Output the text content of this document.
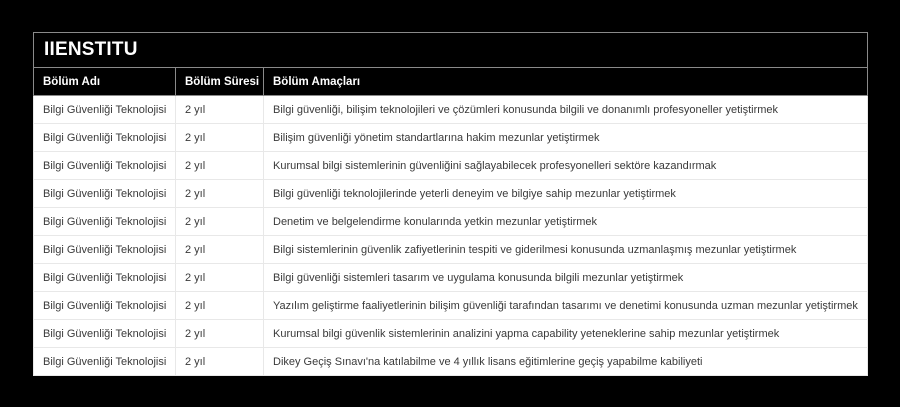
IIENSTITU		
Bölüm Adı	Bölüm Süresi	Bölüm Amaçları
Bilgi Güvenliği Teknolojisi	2 yıl	Bilgi güvenliği, bilişim teknolojileri ve çözümleri konusunda bilgili ve donanımlı profesyoneller yetiştirmek
Bilgi Güvenliği Teknolojisi	2 yıl	Bilişim güvenliği yönetim standartlarına hakim mezunlar yetiştirmek
Bilgi Güvenliği Teknolojisi	2 yıl	Kurumsal bilgi sistemlerinin güvenliğini sağlayabilecek profesyonelleri sektöre kazandırmak
Bilgi Güvenliği Teknolojisi	2 yıl	Bilgi güvenliği teknolojilerinde yeterli deneyim ve bilgiye sahip mezunlar yetiştirmek
Bilgi Güvenliği Teknolojisi	2 yıl	Denetim ve belgelendirme konularında yetkin mezunlar yetiştirmek
Bilgi Güvenliği Teknolojisi	2 yıl	Bilgi sistemlerinin güvenlik zafiyetlerinin tespiti ve giderilmesi konusunda uzmanlaşmış mezunlar yetiştirmek
Bilgi Güvenliği Teknolojisi	2 yıl	Bilgi güvenliği sistemleri tasarım ve uygulama konusunda bilgili mezunlar yetiştirmek
Bilgi Güvenliği Teknolojisi	2 yıl	Yazılım geliştirme faaliyetlerinin bilişim güvenliği tarafından tasarımı ve denetimi konusunda uzman mezunlar yetiştirmek
Bilgi Güvenliği Teknolojisi	2 yıl	Kurumsal bilgi güvenlik sistemlerinin analizini yapma capability yeteneklerine sahip mezunlar yetiştirmek
Bilgi Güvenliği Teknolojisi	2 yıl	Dikey Geçiş Sınavı'na katılabilme ve 4 yıllık lisans eğitimlerine geçiş yapabilme kabiliyeti
